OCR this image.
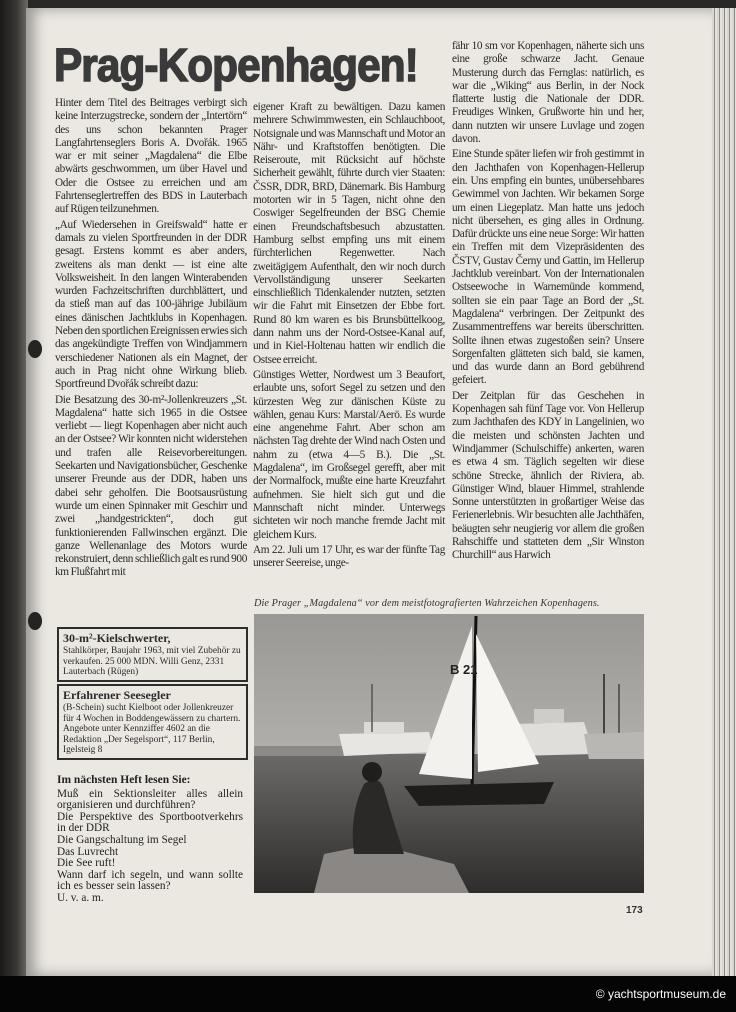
Prag-Kopenhagen!

Hinter dem Titel des Beitrages verbirgt sich keine Interzugstrecke, sondern der „Intertörn“ des uns schon bekannten Prager Langfahrtenseglers Boris A. Dvořák. 1965 war er mit seiner „Magdalena“ die Elbe abwärts geschwommen, um über Havel und Oder die Ostsee zu erreichen und am Fahrtenseglertreffen des BDS in Lauterbach auf Rügen teilzunehmen.

„Auf Wiedersehen in Greifswald“ hatte er damals zu vielen Sportfreunden in der DDR gesagt. Erstens kommt es aber anders, zweitens als man denkt — ist eine alte Volksweisheit. In den langen Winterabenden wurden Fachzeitschriften durchblättert, und da stieß man auf das 100-jährige Jubiläum eines dänischen Jachtklubs in Kopenhagen. Neben den sportlichen Ereignissen erwies sich das angekündigte Treffen von Windjammern verschiedener Nationen als ein Magnet, der auch in Prag nicht ohne Wirkung blieb. Sportfreund Dvořák schreibt dazu:

Die Besatzung des 30-m²-Jollenkreuzers „St. Magdalena“ hatte sich 1965 in die Ostsee verliebt — liegt Kopenhagen aber nicht auch an der Ostsee? Wir konnten nicht widerstehen und trafen alle Reisevorbereitungen. Seekarten und Navigationsbücher, Geschenke unserer Freunde aus der DDR, haben uns dabei sehr geholfen. Die Bootsausrüstung wurde um einen Spinnaker mit Geschirr und zwei „handgestrickten“, doch gut funktionierenden Fallwinschen ergänzt. Die ganze Wellenanlage des Motors wurde rekonstruiert, denn schließlich galt es rund 900 km Flußfahrt mit

eigener Kraft zu bewältigen. Dazu kamen mehrere Schwimmwesten, ein Schlauchboot, Notsignale und was Mannschaft und Motor an Nähr- und Kraftstoffen benötigten. Die Reiseroute, mit Rücksicht auf höchste Sicherheit gewählt, führte durch vier Staaten: ČSSR, DDR, BRD, Dänemark. Bis Hamburg motorten wir in 5 Tagen, nicht ohne den Coswiger Segelfreunden der BSG Chemie einen Freundschaftsbesuch abzustatten. Hamburg selbst empfing uns mit einem fürchterlichen Regenwetter. Nach zweitägigem Aufenthalt, den wir noch durch Vervollständigung unserer Seekarten einschließlich Tidenkalender nutzten, setzten wir die Fahrt mit Einsetzen der Ebbe fort. Rund 80 km waren es bis Brunsbüttelkoog, dann nahm uns der Nord-Ostsee-Kanal auf, und in Kiel-Holtenau hatten wir endlich die Ostsee erreicht.

Günstiges Wetter, Nordwest um 3 Beaufort, erlaubte uns, sofort Segel zu setzen und den kürzesten Weg zur dänischen Küste zu wählen, genau Kurs: Marstal/Aerö. Es wurde eine angenehme Fahrt. Aber schon am nächsten Tag drehte der Wind nach Osten und nahm zu (etwa 4—5 B.). Die „St. Magdalena“, im Großsegel gerefft, aber mit der Normalfock, mußte eine harte Kreuzfahrt aufnehmen. Sie hielt sich gut und die Mannschaft nicht minder. Unterwegs sichteten wir noch manche fremde Jacht mit gleichem Kurs.

Am 22. Juli um 17 Uhr, es war der fünfte Tag unserer Seereise, unge-

fähr 10 sm vor Kopenhagen, näherte sich uns eine große schwarze Jacht. Genaue Musterung durch das Fernglas: natürlich, es war die „Wiking“ aus Berlin, in der Nock flatterte lustig die Nationale der DDR. Freudiges Winken, Grußworte hin und her, dann nutzten wir unsere Luvlage und zogen davon.

Eine Stunde später liefen wir froh gestimmt in den Jachthafen von Kopenhagen-Hellerup ein. Uns empfing ein buntes, unübersehbares Gewimmel von Jachten. Wir bekamen Sorge um einen Liegeplatz. Man hatte uns jedoch nicht übersehen, es ging alles in Ordnung. Dafür drückte uns eine neue Sorge: Wir hatten ein Treffen mit dem Vizepräsidenten des ČSTV, Gustav Černy und Gattin, im Hellerup Jachtklub vereinbart. Von der Internationalen Ostseewoche in Warnemünde kommend, sollten sie ein paar Tage an Bord der „St. Magdalena“ verbringen. Der Zeitpunkt des Zusammentreffens war bereits überschritten. Sollte ihnen etwas zugestoßen sein? Unsere Sorgenfalten glätteten sich bald, sie kamen, und das wurde dann an Bord gebührend gefeiert.

Der Zeitplan für das Geschehen in Kopenhagen sah fünf Tage vor. Von Hellerup zum Jachthafen des KDY in Langelinien, wo die meisten und schönsten Jachten und Windjammer (Schulschiffe) ankerten, waren es etwa 4 sm. Täglich segelten wir diese schöne Strecke, ähnlich der Riviera, ab. Günstiger Wind, blauer Himmel, strahlende Sonne unterstützten in großartiger Weise das Ferienerlebnis. Wir besuchten alle Jachthäfen, beäugten sehr neugierig vor allem die großen Rahschiffe und statteten dem „Sir Winston Churchill“ aus Harwich

Die Prager „Magdalena“ vor dem meistfotografierten Wahrzeichen Kopenhagens.
B 21
30-m²-Kielschwerter,
Stahlkörper, Baujahr 1963, mit viel Zubehör zu verkaufen. 25 000 MDN. Willi Genz, 2331 Lauterbach (Rügen)
Erfahrener Seesegler
(B-Schein) sucht Kielboot oder Jollenkreuzer für 4 Wochen in Boddengewässern zu chartern. Angebote unter Kennziffer 4602 an die Redaktion „Der Segelsport“, 117 Berlin, Igelsteig 8
Im nächsten Heft lesen Sie:
Muß ein Sektionsleiter alles allein organisieren und durchführen?
Die Perspektive des Sportbootverkehrs in der DDR
Die Gangschaltung im Segel
Das Luvrecht
Die See ruft!
Wann darf ich segeln, und wann sollte ich es besser sein lassen?
U. v. a. m.
173
© yachtsportmuseum.de
